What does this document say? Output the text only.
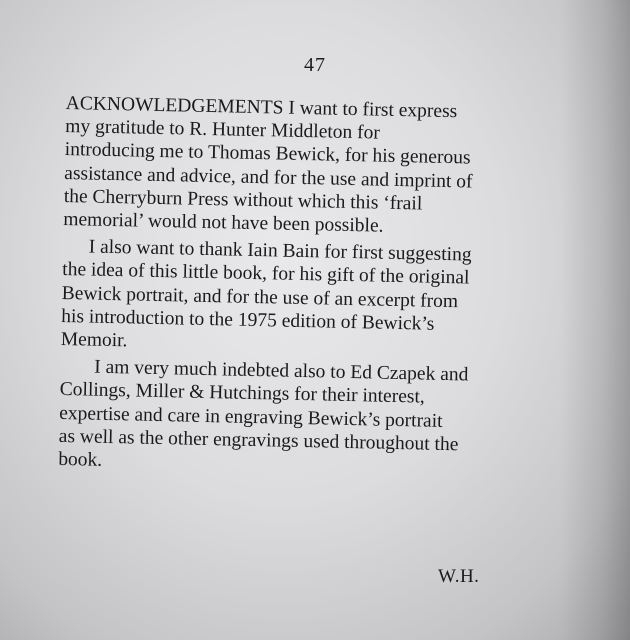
47
ACKNOWLEDGEMENTS I want to first express
my gratitude to R. Hunter Middleton for
introducing me to Thomas Bewick, for his generous
assistance and advice, and for the use and imprint of
the Cherryburn Press without which this ‘frail
memorial’ would not have been possible.
I also want to thank Iain Bain for first suggesting
the idea of this little book, for his gift of the original
Bewick portrait, and for the use of an excerpt from
his introduction to the 1975 edition of Bewick’s
Memoir.
I am very much indebted also to Ed Czapek and
Collings, Miller & Hutchings for their interest,
expertise and care in engraving Bewick’s portrait
as well as the other engravings used throughout the
book.
W.H.
